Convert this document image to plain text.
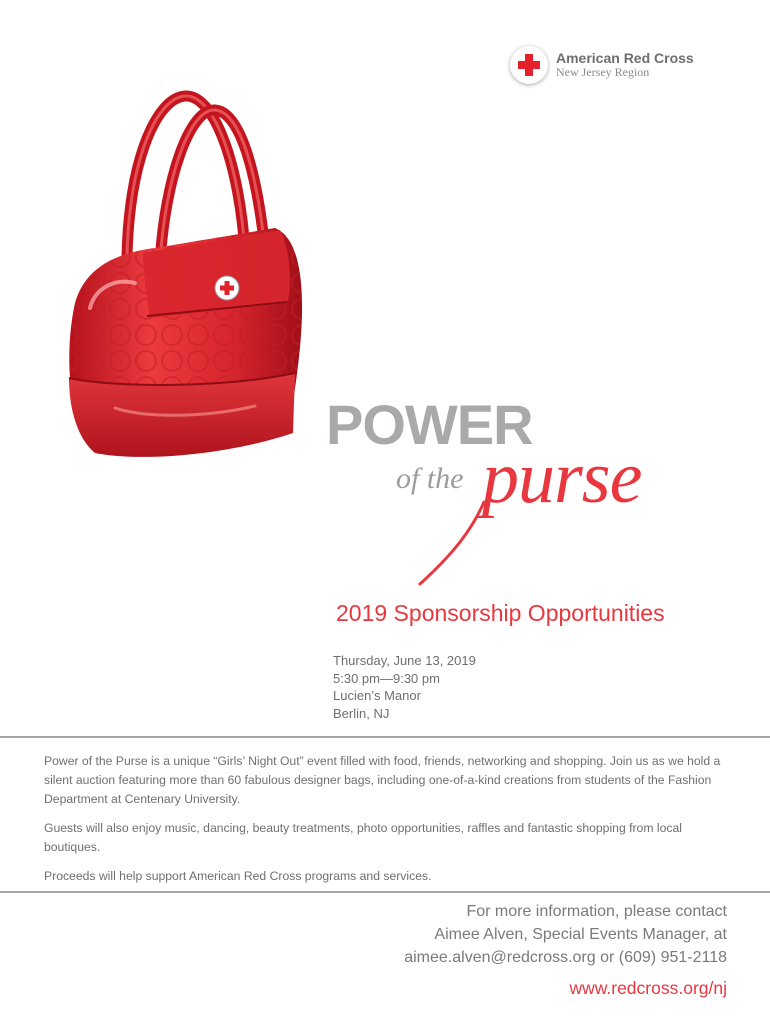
American Red Cross
New Jersey Region
POWER
of the purse
2019 Sponsorship Opportunities
Thursday, June 13, 2019
5:30 pm—9:30 pm
Lucien’s Manor
Berlin, NJ

Power of the Purse is a unique “Girls’ Night Out” event filled with food, friends, networking and shopping. Join us as we hold a silent auction featuring more than 60 fabulous designer bags, including one-of-a-kind creations from students of the Fashion Department at Centenary University.

Guests will also enjoy music, dancing, beauty treatments, photo opportunities, raffles and fantastic shopping from local boutiques.

Proceeds will help support American Red Cross programs and services.

For more information, please contact
Aimee Alven, Special Events Manager, at
aimee.alven@redcross.org or (609) 951-2118
www.redcross.org/nj
